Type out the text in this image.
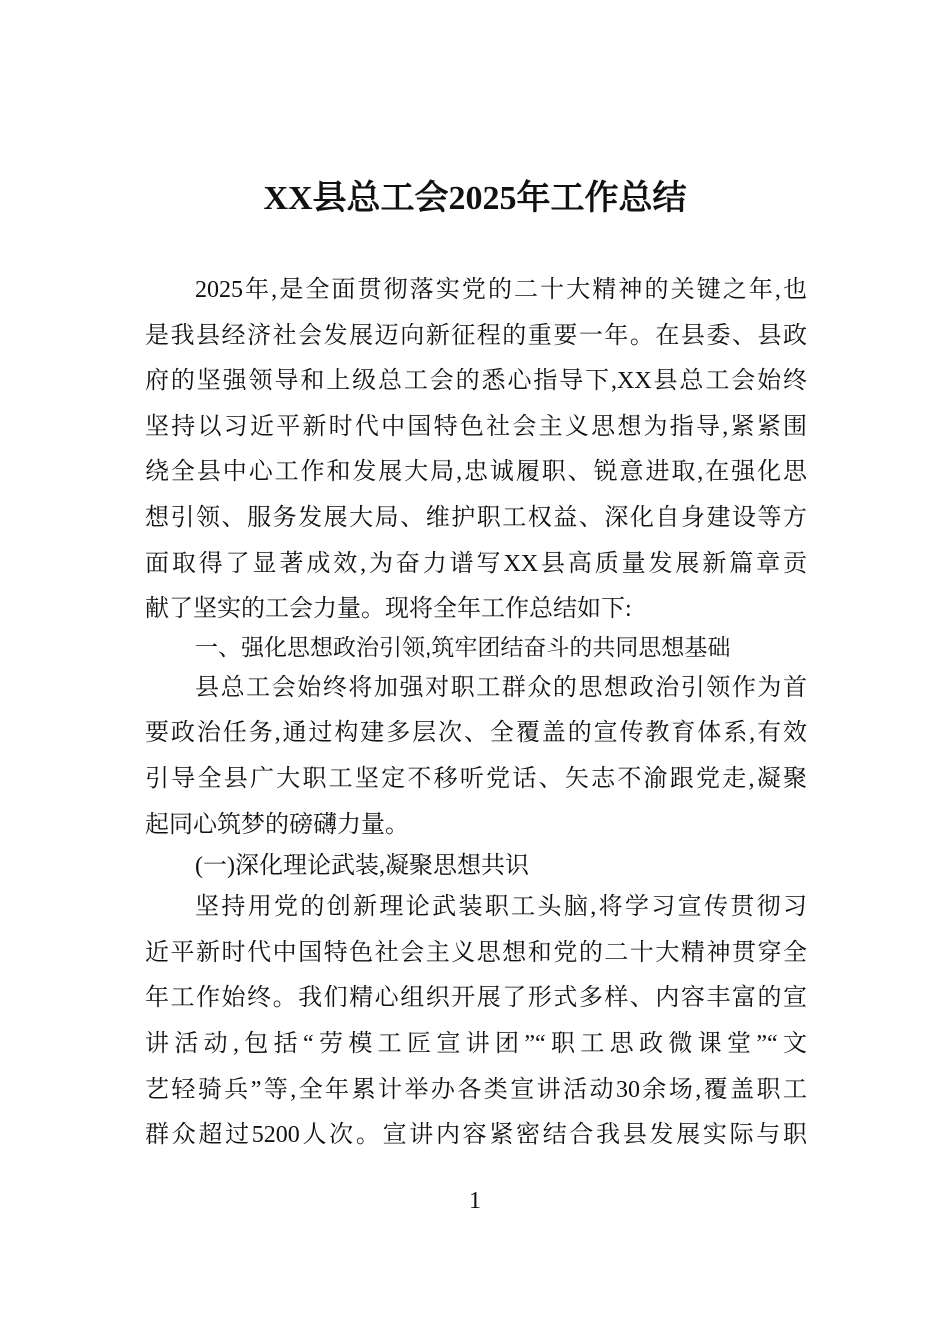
XX县总工会2025年工作总结
2025年,是全面贯彻落实党的二十大精神的关键之年,也
是我县经济社会发展迈向新征程的重要一年。在县委、县政
府的坚强领导和上级总工会的悉心指导下,XX县总工会始终
坚持以习近平新时代中国特色社会主义思想为指导,紧紧围
绕全县中心工作和发展大局,忠诚履职、锐意进取,在强化思
想引领、服务发展大局、维护职工权益、深化自身建设等方
面取得了显著成效,为奋力谱写XX县高质量发展新篇章贡
献了坚实的工会力量。现将全年工作总结如下:
一、强化思想政治引领,筑牢团结奋斗的共同思想基础
县总工会始终将加强对职工群众的思想政治引领作为首
要政治任务,通过构建多层次、全覆盖的宣传教育体系,有效
引导全县广大职工坚定不移听党话、矢志不渝跟党走,凝聚
起同心筑梦的磅礴力量。
(一)深化理论武装,凝聚思想共识
坚持用党的创新理论武装职工头脑,将学习宣传贯彻习
近平新时代中国特色社会主义思想和党的二十大精神贯穿全
年工作始终。我们精心组织开展了形式多样、内容丰富的宣
讲活动,包括“劳模工匠宣讲团”“职工思政微课堂”“文
艺轻骑兵”等,全年累计举办各类宣讲活动30余场,覆盖职工
群众超过5200人次。宣讲内容紧密结合我县发展实际与职
1
